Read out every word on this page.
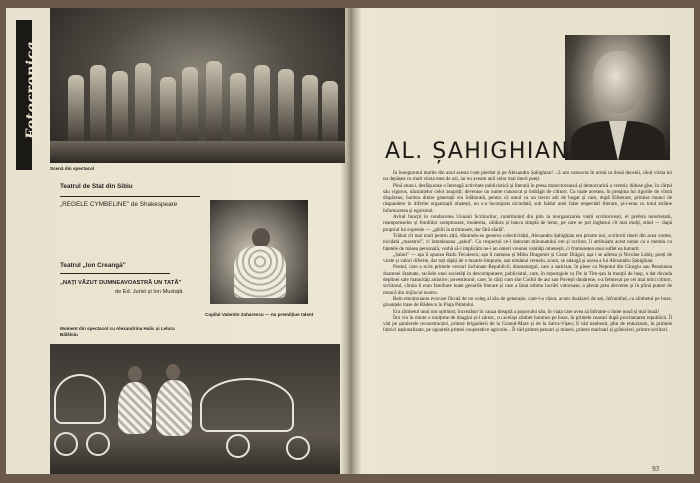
Fotocronica
Scenă din spectacol
Teatrul de Stat din Sibiu
„REGELE CYMBELINE" de Shakespeare
Teatrul „Ion Creangă"
„NAȚI VĂZUT DUMNEAVOASTRĂ UN TATĂ"
de Ed. Jurist și Ion Mustață
Copilul Valentin Zaharescu — nu premiițiue talent
Moment din spectacol cu Alexandrina Halic și Lelura Bălăloiu
AL. ȘAHIGHIAN

În înnegurutul martie din anul acesta l-am pierdut și pe Alexandru Șahighian! ...L-am cunoscut în urmă cu două decenii, când virsta lui nu depășea cu mult virsta mea de azi, iar eu aveam anii celor mai tineri poeți.

Pînă atunci, desfășurase o întreagă activitate publicistică și literară în presa muncitorească și democratică a vremii; diduse gîse, în cărțul său viguros, năzuințelor celor asupriți; devenise un nume cunoscut și îndrăgit de cititori. Cu toate acestea, în preajma lui rigorile de vîrstă dispăreau, bariera dintre generații era înlăturată, pentru că omul cu un trecut atît de bogat și care, după Eliberare, primise munci de răspundere în diferite organizații obștești, nu s-a înconjurat niciodată, sub faldul unei false respectări literare, și-i-erau cu totul străine înfumurarea și egoismul.

Avînd funcții în conducerea Uniunii Scriitorilor, contribuind din plin la reorganizarea vieții scriitoricești, el prefera notorietatii, reamprenselor și fotoliilor somptuoase, modestia, căldura și banca simplă de lemn, pe care se pot înghesui cît mai mulți, stind — după propriul lui expresie — „ghilii la strimtoare, dar fără sfadă".

Trăind cît mai mult pentru alții, dăruindu-se generos colectivității, Alexandru Șahighian era printre noi, scriitorii tineri din acea vreme, nicidată „maestrul", ci întotdeauna „șahul". Cu respectul ce-l datoram minunatului om și scriitor, îi atribuiam acest nume ca o mentiu cu fațetele de măsea personală, vorbă să-l implicăm ne-i un omeri vreunei vanități omenești, ci frumusețea unui suflet ea lumurit.

„Șahul" — așa îi spunea Radu Teculescu; așa îl numeau și Mihu Dragomir și Cezar Drăgoi; așa i se adresa și Nicolae Labiș, poeți de virste și valori diferite, dar toți răpiți de o moarte timpurie, sau nimănui cerneiu, acum, se adaugă și aceea a lui Alexandru Șahighian.

Poetul, care a scris primele versuri închinate Republicii; dramaturgul, care a satirizat, în piese ca Nepotul din Giurgiu sau Pensiunea doamnei Stamate, racilele unei societăți în descompunere; publicistul, care, în reportajele ca De la Tîrn-șan la munții de lusp, a dat dovada deplinei sale maturități artistice; povestitorul, care, în cărți cum sînt Coiful de aur sau Povești dunărene, s-a fermecat pe cei mai mici cititori, scriitorul, căruia îi erau familiare toate genurile literare și care a lăsat ultimo lucrări valoroase, a plecat prea devreme și în plină putere de muncă din mijlocul nostru.

Rein emoționanta evocare făcută de un coleg al său de generație, care-l-a văzut, acum douăzeci de ani, înfruntînd, cu zîmbetul pe buze, gloanțele trase de Rădescu în Piața Palatului.

Era zîmbetul unui om optimist, încrezător în cauza dreaptă a poporului său, în viața care avea să înfrunte o lume nouă și mai bună!

Îmi vin în minte o mulțime de imagini și-l zăresc, cu același zîmbet luminos pe buze, în primele ceasuri după proclamarea republicii. Îl văd pe șantierele reconstrucției, printre brigadierii de la Ceanul-Mare și de la Salva-Vișeu; îl văd neobosit, plin de entuziasm, în primele fabrici naționalizate, pe ogoarele primei cooperative agricole... Îl văd printre pescari și mineri, printre marinari și grănicieri, printre scriitori.

93
